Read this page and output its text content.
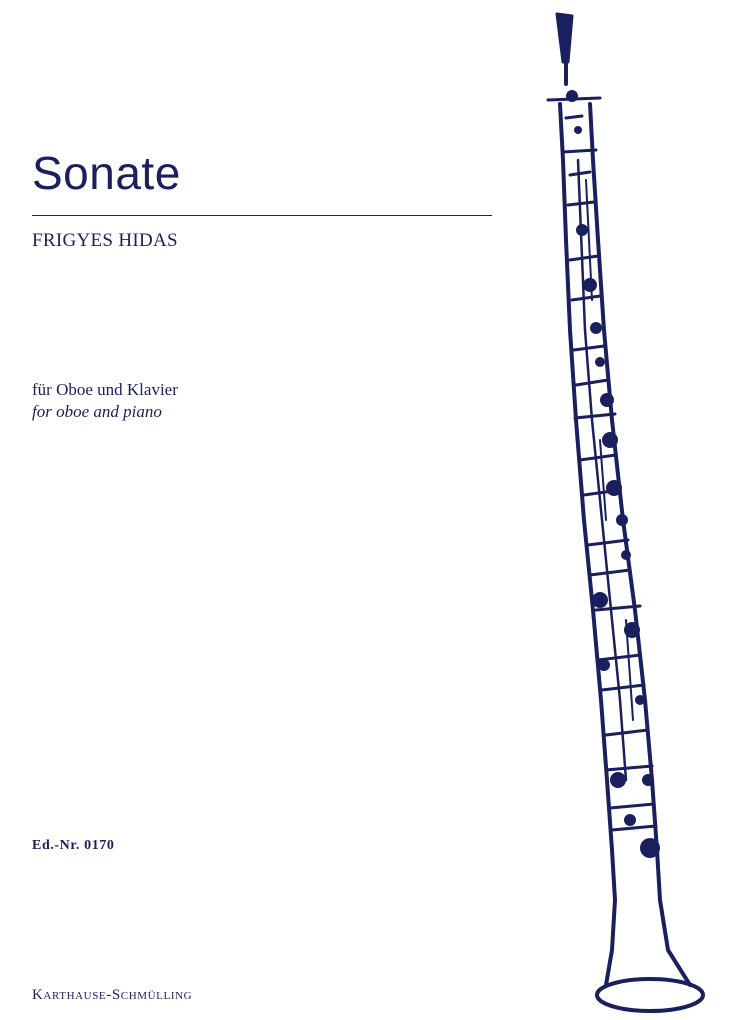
Sonate
FRIGYES HIDAS
für Oboe und Klavier
for oboe and piano
Ed.-Nr. 0170
Karthause-Schmülling
